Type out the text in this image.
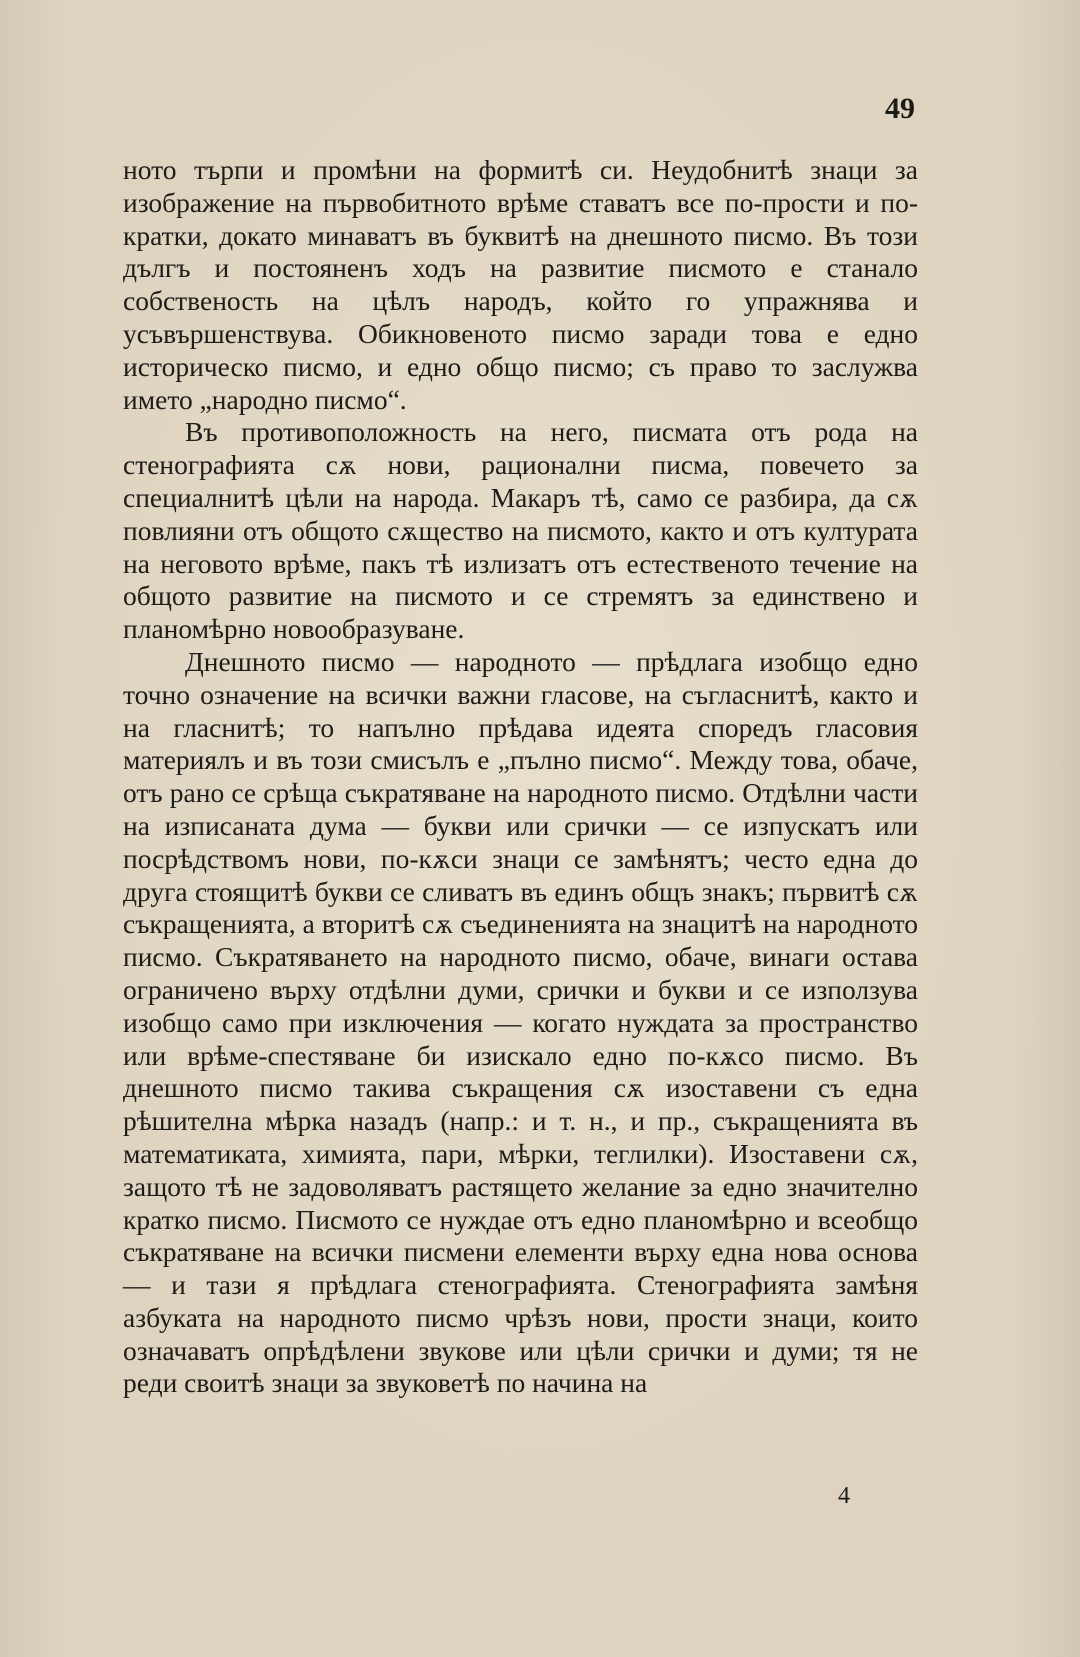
49

ното търпи и промѣни на формитѣ си. Неудобнитѣ знаци за изображение на първобитното врѣме ставатъ все по-прости и по-кратки, докато минаватъ въ буквитѣ на днешното писмо. Въ този дългъ и постояненъ ходъ на развитие писмото е станало собственость на цѣлъ народъ, който го упражнява и усъвършенствува. Обикновеното писмо заради това е едно историческо писмо, и едно общо писмо; съ право то заслужва името „народно писмо“.

Въ противоположность на него, писмата отъ рода на стенографията сѫ нови, рационални писма, повечето за специалнитѣ цѣли на народа. Макаръ тѣ, само се разбира, да сѫ повлияни отъ общото сѫщество на писмото, както и отъ културата на неговото врѣме, пакъ тѣ излизатъ отъ естественото течение на общото развитие на писмото и се стремятъ за единствено и планомѣрно новообразуване.

Днешното писмо — народното — прѣдлага изобщо едно точно означение на всички важни гласове, на съгласнитѣ, както и на гласнитѣ; то напълно прѣдава идеята споредъ гласовия материялъ и въ този смисълъ е „пълно писмо“. Между това, обаче, отъ рано се срѣща съкратяване на народното писмо. Отдѣлни части на изписаната дума — букви или срички — се изпускатъ или посрѣдствомъ нови, по-кѫси знаци се замѣнятъ; често една до друга стоящитѣ букви се сливатъ въ единъ общъ знакъ; първитѣ сѫ съкращенията, а вторитѣ сѫ съединенията на знацитѣ на народното писмо. Съкратяването на народното писмо, обаче, винаги остава ограничено върху отдѣлни думи, срички и букви и се използува изобщо само при изключения — когато нуждата за пространство или врѣме-спестяване би изискало едно по-кѫсо писмо. Въ днешното писмо такива съкращения сѫ изоставени съ една рѣшителна мѣрка назадъ (напр.: и т. н., и пр., съкращенията въ математиката, химията, пари, мѣрки, теглилки). Изоставени сѫ, защото тѣ не задоволяватъ растящето желание за едно значително кратко писмо. Писмото се нуждае отъ едно планомѣрно и всеобщо съкратяване на всички писмени елементи върху една нова основа — и тази я прѣдлага стенографията. Стенографията замѣня азбуката на народното писмо чрѣзъ нови, прости знаци, които означаватъ опрѣдѣлени звукове или цѣли срички и думи; тя не реди своитѣ знаци за звуковетѣ по начина на

4
